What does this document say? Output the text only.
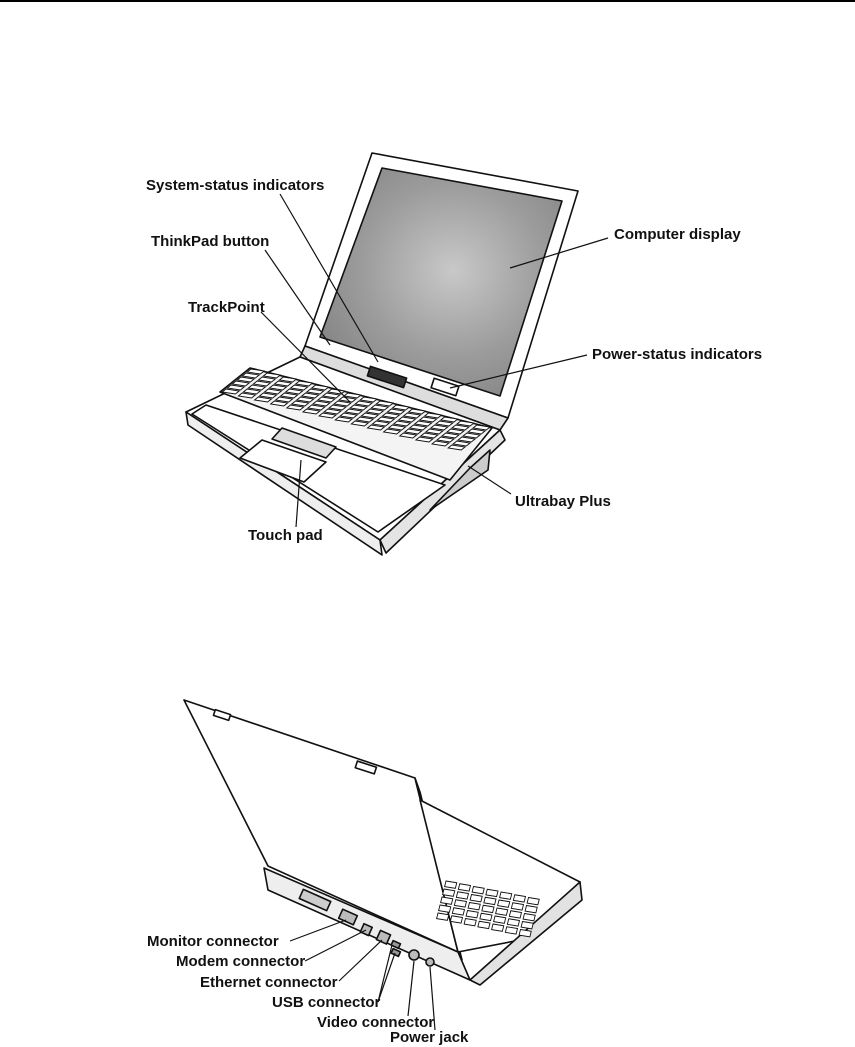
System-status indicators
ThinkPad button
TrackPoint
Computer display
Power-status indicators
Ultrabay Plus
Touch pad
Monitor connector
Modem connector
Ethernet connector
USB connector
Video connector
Power jack
